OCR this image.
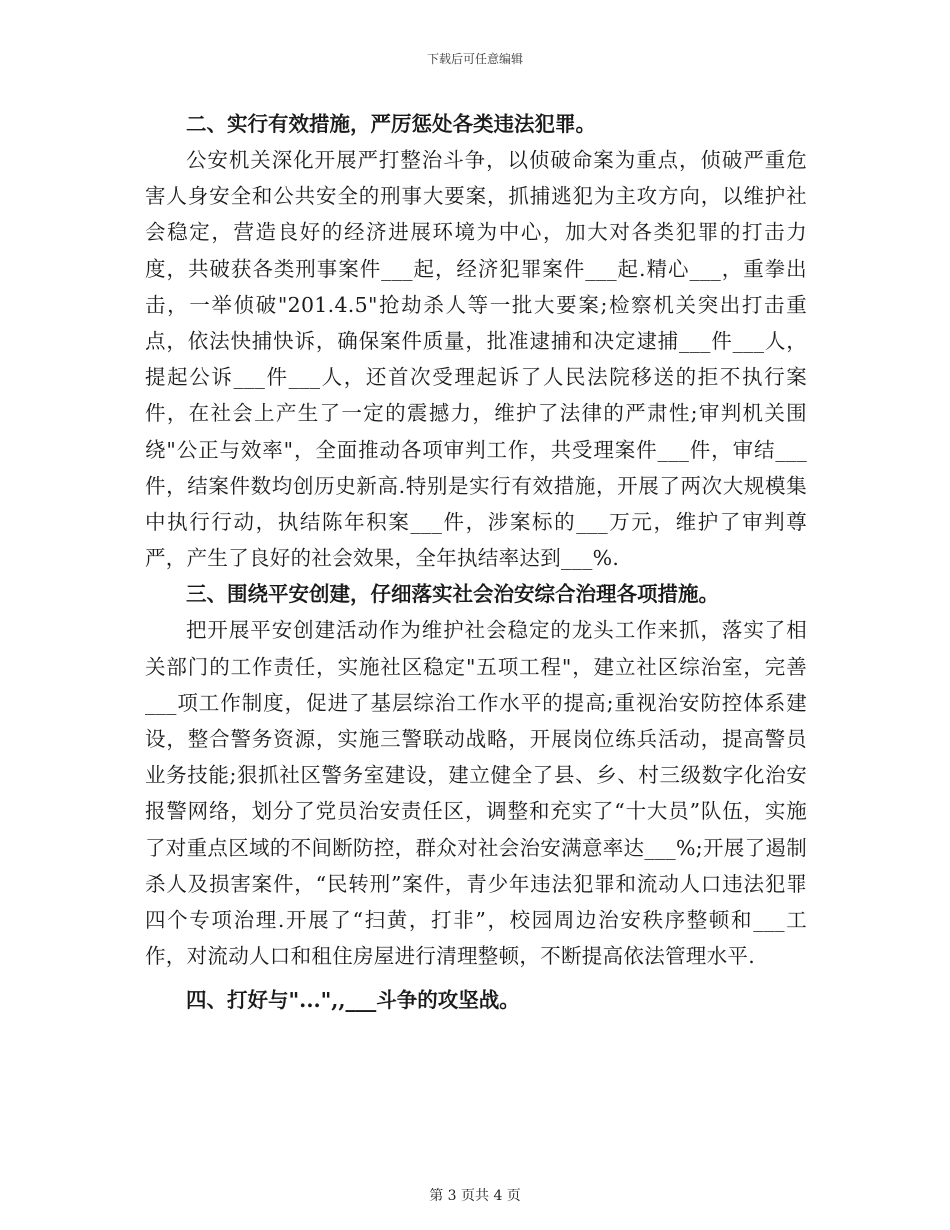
下载后可任意编辑

二、实行有效措施，严厉惩处各类违法犯罪。

公安机关深化开展严打整治斗争，以侦破命案为重点，侦破严重危害人身安全和公共安全的刑事大要案，抓捕逃犯为主攻方向，以维护社会稳定，营造良好的经济进展环境为中心，加大对各类犯罪的打击力度，共破获各类刑事案件___起，经济犯罪案件___起.精心___，重拳出击，一举侦破"201.4.5"抢劫杀人等一批大要案;检察机关突出打击重点，依法快捕快诉，确保案件质量，批准逮捕和决定逮捕___件___人，提起公诉___件___人，还首次受理起诉了人民法院移送的拒不执行案件，在社会上产生了一定的震撼力，维护了法律的严肃性;审判机关围绕"公正与效率"，全面推动各项审判工作，共受理案件___件，审结___件，结案件数均创历史新高.特别是实行有效措施，开展了两次大规模集中执行行动，执结陈年积案___件，涉案标的___万元，维护了审判尊严，产生了良好的社会效果，全年执结率达到___%.

三、围绕平安创建，仔细落实社会治安综合治理各项措施。

把开展平安创建活动作为维护社会稳定的龙头工作来抓，落实了相关部门的工作责任，实施社区稳定"五项工程"，建立社区综治室，完善___项工作制度，促进了基层综治工作水平的提高;重视治安防控体系建设，整合警务资源，实施三警联动战略，开展岗位练兵活动，提高警员业务技能;狠抓社区警务室建设，建立健全了县、乡、村三级数字化治安报警网络，划分了党员治安责任区，调整和充实了“十大员”队伍，实施了对重点区域的不间断防控，群众对社会治安满意率达___%;开展了遏制杀人及损害案件，“民转刑”案件，青少年违法犯罪和流动人口违法犯罪四个专项治理.开展了“扫黄，打非”，校园周边治安秩序整顿和___工作，对流动人口和租住房屋进行清理整顿，不断提高依法管理水平.

四、打好与"...",,___斗争的攻坚战。

第 3 页共 4 页
